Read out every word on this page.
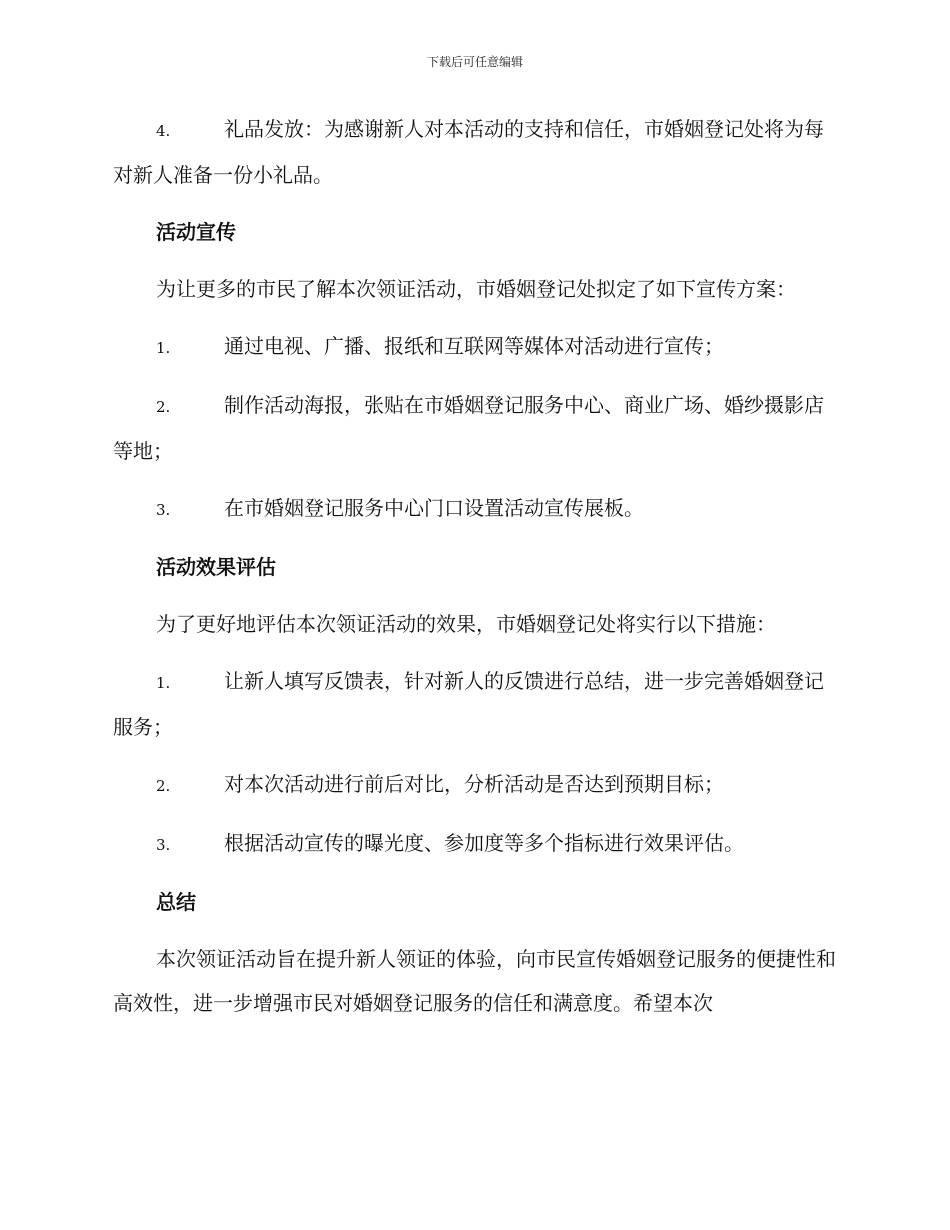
下载后可任意编辑

4.	礼品发放：为感谢新人对本活动的支持和信任，市婚姻登记处将为每对新人准备一份小礼品。

活动宣传

为让更多的市民了解本次领证活动，市婚姻登记处拟定了如下宣传方案：

1.	通过电视、广播、报纸和互联网等媒体对活动进行宣传；

2.	制作活动海报，张贴在市婚姻登记服务中心、商业广场、婚纱摄影店等地；

3.	在市婚姻登记服务中心门口设置活动宣传展板。

活动效果评估

为了更好地评估本次领证活动的效果，市婚姻登记处将实行以下措施：

1.	让新人填写反馈表，针对新人的反馈进行总结，进一步完善婚姻登记服务；

2.	对本次活动进行前后对比，分析活动是否达到预期目标；

3.	根据活动宣传的曝光度、参加度等多个指标进行效果评估。

总结

本次领证活动旨在提升新人领证的体验，向市民宣传婚姻登记服务的便捷性和高效性，进一步增强市民对婚姻登记服务的信任和满意度。希望本次
